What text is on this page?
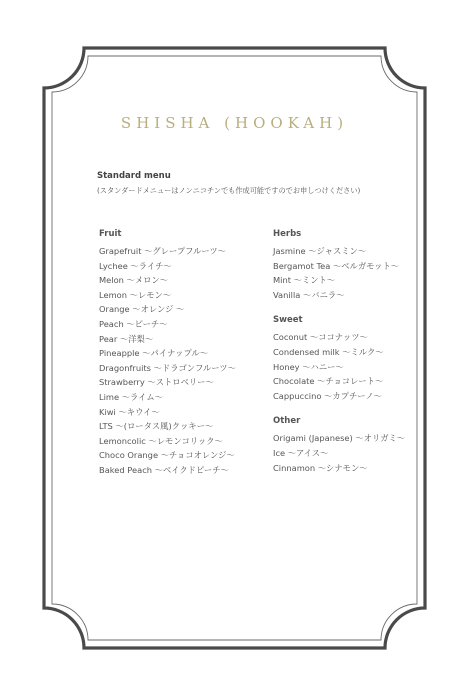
SHISHA (HOOKAH)
Standard menu
(スタンダードメニューはノンニコチンでも作成可能ですのでお申しつけください)
Fruit
Grapefruit 〜グレープフルーツ〜
Lychee 〜ライチ〜
Melon 〜メロン〜
Lemon 〜レモン〜
Orange 〜オレンジ 〜
Peach 〜ピーチ〜
Pear 〜洋梨〜
Pineapple 〜パイナップル〜
Dragonfruits 〜ドラゴンフルーツ〜
Strawberry 〜ストロベリー〜
Lime 〜ライム〜
Kiwi 〜キウイ〜
LTS 〜(ロータス風)クッキー〜
Lemoncolic 〜レモンコリック〜
Choco Orange 〜チョコオレンジ〜
Baked Peach 〜ベイクドピーチ〜
Herbs
Jasmine 〜ジャスミン〜
Bergamot Tea 〜ベルガモット〜
Mint 〜ミント〜
Vanilla 〜バニラ〜
Sweet
Coconut 〜ココナッツ〜
Condensed milk 〜ミルク〜
Honey 〜ハニー〜
Chocolate 〜チョコレート〜
Cappuccino 〜カプチーノ〜
Other
Origami (Japanese) 〜オリガミ〜
Ice 〜アイス〜
Cinnamon 〜シナモン〜
